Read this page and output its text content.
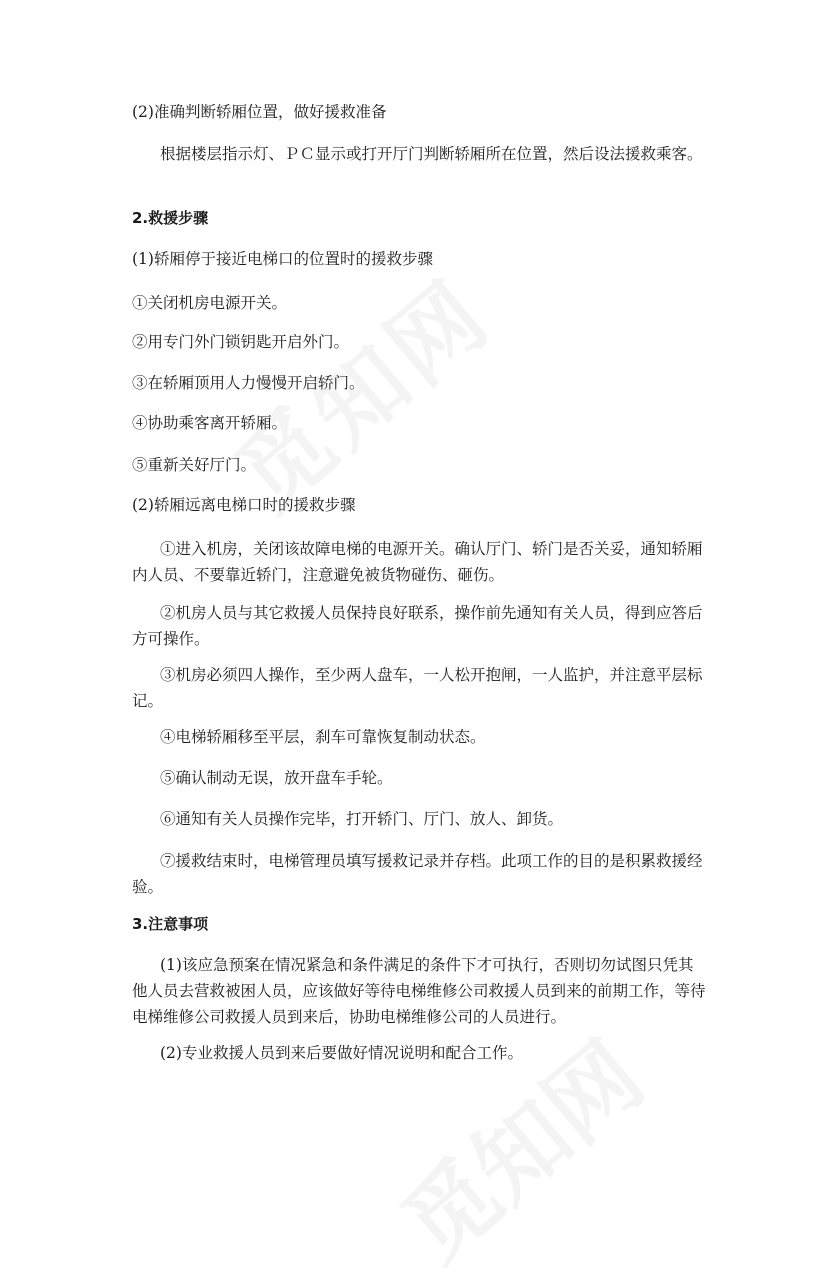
(2)准确判断轿厢位置，做好援救准备

根据楼层指示灯、ＰＣ显示或打开厅门判断轿厢所在位置，然后设法援救乘客。

2.救援步骤

(1)轿厢停于接近电梯口的位置时的援救步骤

①关闭机房电源开关。

②用专门外门锁钥匙开启外门。

③在轿厢顶用人力慢慢开启轿门。

④协助乘客离开轿厢。

⑤重新关好厅门。

(2)轿厢远离电梯口时的援救步骤

①进入机房，关闭该故障电梯的电源开关。确认厅门、轿门是否关妥，通知轿厢内人员、不要靠近轿门，注意避免被货物碰伤、砸伤。

②机房人员与其它救援人员保持良好联系，操作前先通知有关人员，得到应答后方可操作。

③机房必须四人操作，至少两人盘车，一人松开抱闸，一人监护，并注意平层标记。

④电梯轿厢移至平层，刹车可靠恢复制动状态。

⑤确认制动无误，放开盘车手轮。

⑥通知有关人员操作完毕，打开轿门、厅门、放人、卸货。

⑦援救结束时，电梯管理员填写援救记录并存档。此项工作的目的是积累救援经验。

3.注意事项

(1)该应急预案在情况紧急和条件满足的条件下才可执行，否则切勿试图只凭其他人员去营救被困人员，应该做好等待电梯维修公司救援人员到来的前期工作，等待电梯维修公司救援人员到来后，协助电梯维修公司的人员进行。

(2)专业救援人员到来后要做好情况说明和配合工作。
